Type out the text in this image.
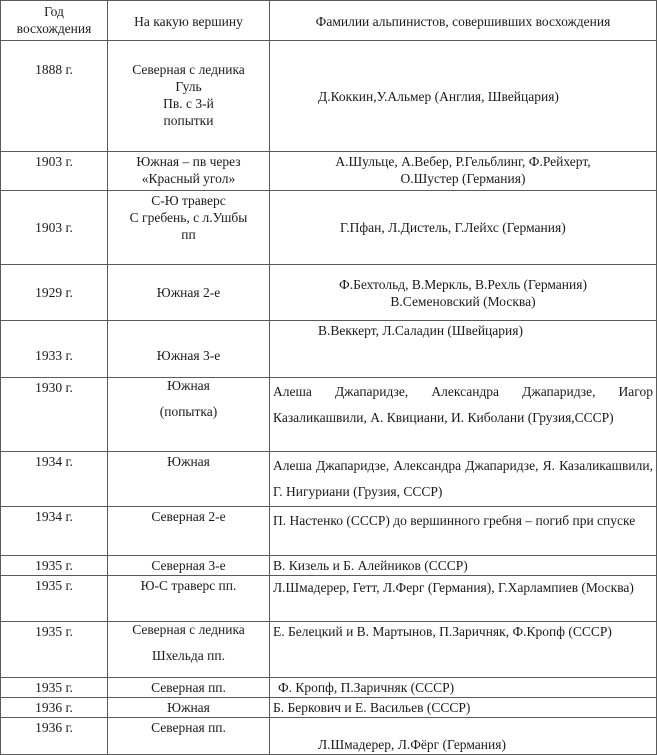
Год
восхождения	На какую вершину	Фамилии альпинистов, совершивших восхождения
1888 г.	Северная с ледника
Гуль
Пв. с 3-й
попытки	Д.Коккин,У.Альмер (Англия, Швейцария)
1903 г.	Южная – пв через
«Красный угол»	А.Шульце, А.Вебер, Р.Гельблинг, Ф.Рейхерт,
О.Шустер (Германия)
1903 г.	С-Ю траверс
С гребень, с л.Ушбы
пп	Г.Пфан, Л.Дистель, Г.Лейхс (Германия)
1929 г.	Южная 2-е	Ф.Бехтольд, В.Меркль, В.Рехль (Германия)
В.Семеновский (Москва)
1933 г.	Южная 3-е	В.Веккерт, Л.Саладин (Швейцария)
1930 г.	Южная

(попытка)	Алеша Джапаридзе, Александра Джапаридзе, Иагор Казаликашвили, А. Квициани, И. Киболани (Грузия,СССР)
1934 г.	Южная	Алеша Джапаридзе, Александра Джапаридзе, Я. Казаликашвили, Г. Нигуриани (Грузия, СССР)
1934 г.	Северная 2-е	П. Настенко (СССР) до вершинного гребня – погиб при спуске
1935 г.	Северная 3-е	В. Кизель и Б. Алейников (СССР)
1935 г.	Ю-С траверс пп.	Л.Шмадерер, Гетт, Л.Ферг (Германия), Г.Харлампиев (Москва)
1935 г.	Северная с ледника

Шхельда пп.	Е. Белецкий и В. Мартынов, П.Заричняк, Ф.Кропф (СССР)
1935 г.	Северная пп.	Ф. Кропф, П.Заричняк (СССР)
1936 г.	Южная	Б. Беркович и Е. Васильев (СССР)
1936 г.	Северная пп.	Л.Шмадерер, Л.Фёрг (Германия)
